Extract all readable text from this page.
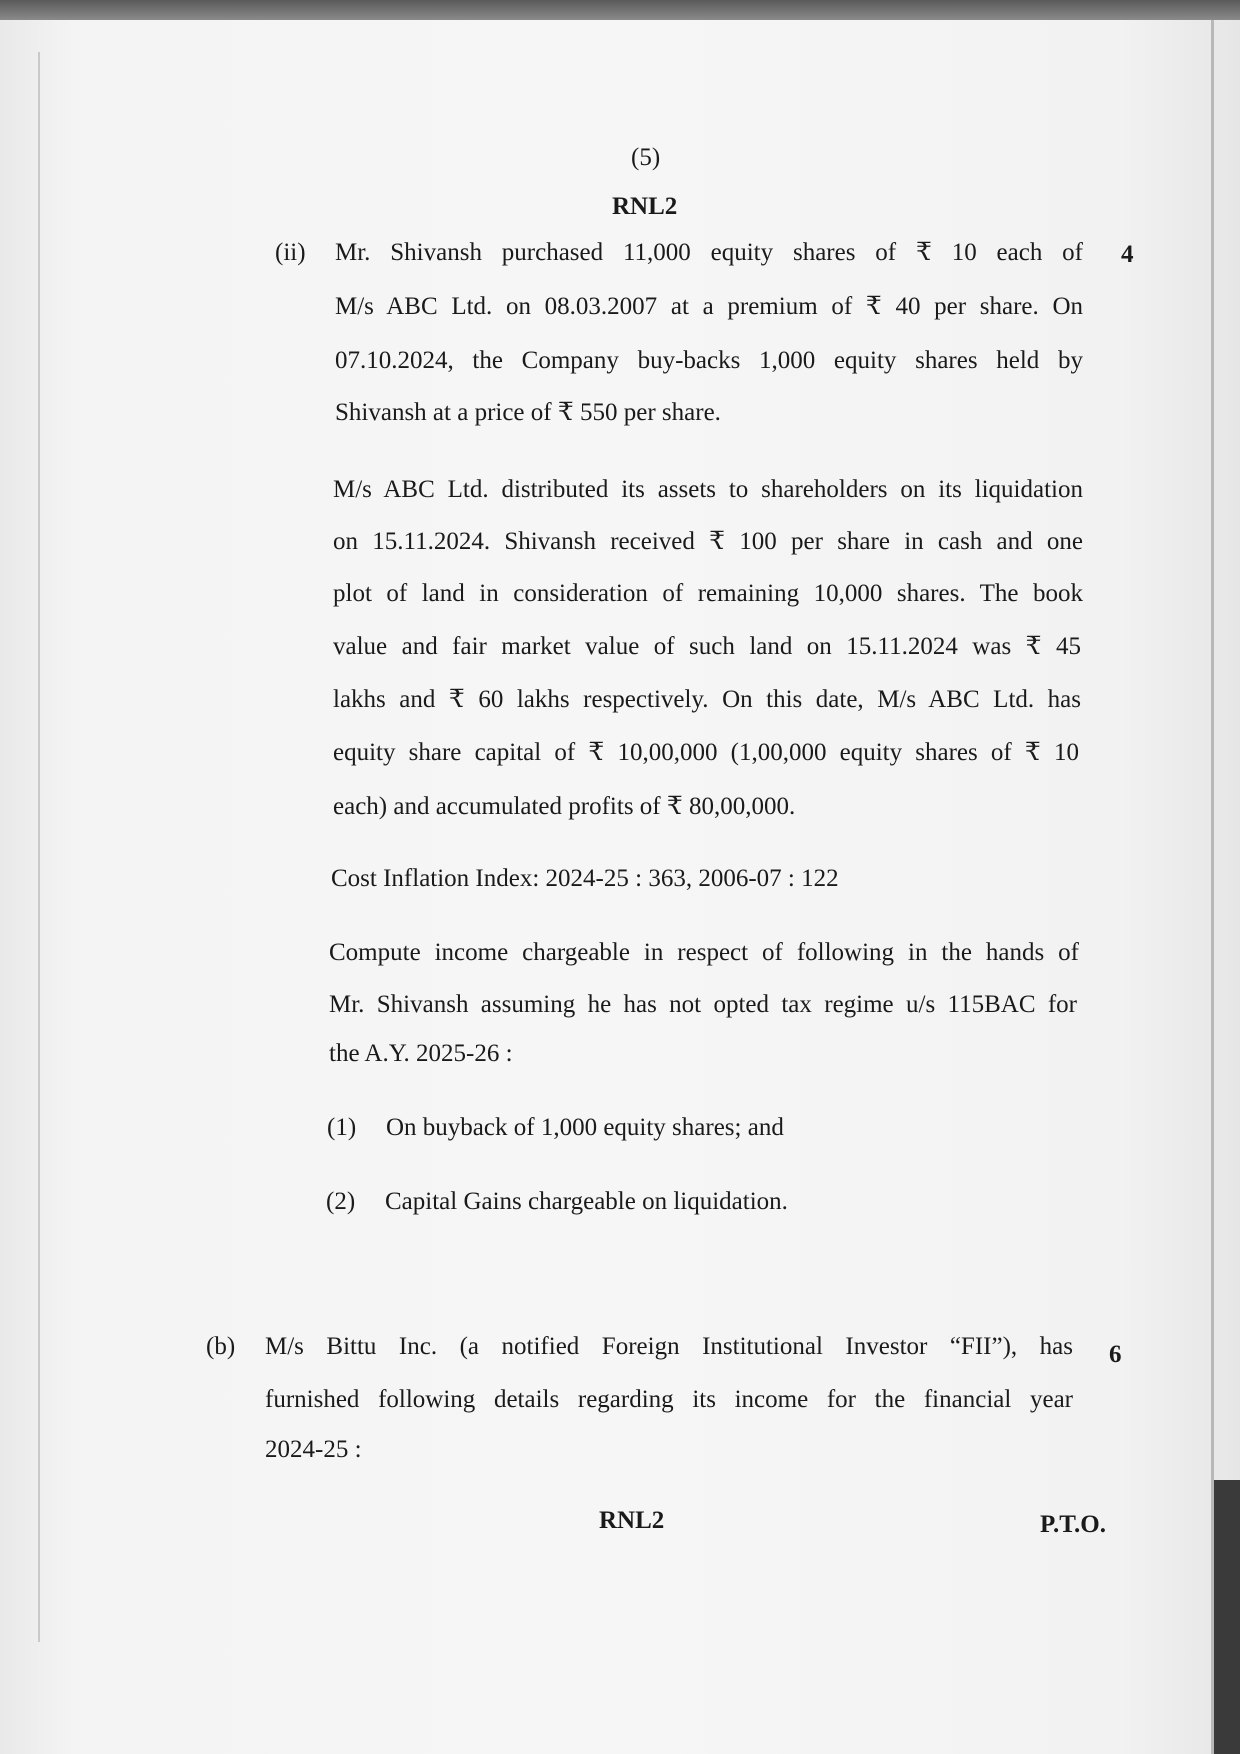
(5)
RNL2
(ii)	4
Mr. Shivansh purchased 11,000 equity shares of ₹ 10 each of
M/s ABC Ltd. on 08.03.2007 at a premium of ₹ 40 per share. On
07.10.2024, the Company buy-backs 1,000 equity shares held by
Shivansh at a price of ₹ 550 per share.
M/s ABC Ltd. distributed its assets to shareholders on its liquidation
on 15.11.2024. Shivansh received ₹ 100 per share in cash and one
plot of land in consideration of remaining 10,000 shares. The book
value and fair market value of such land on 15.11.2024 was ₹ 45
lakhs and ₹ 60 lakhs respectively. On this date, M/s ABC Ltd. has
equity share capital of ₹ 10,00,000 (1,00,000 equity shares of ₹ 10
each) and accumulated profits of ₹ 80,00,000.
Cost Inflation Index: 2024-25 : 363, 2006-07 : 122
Compute income chargeable in respect of following in the hands of
Mr. Shivansh assuming he has not opted tax regime u/s 115BAC for
the A.Y. 2025-26 :
(1) On buyback of 1,000 equity shares; and
(2) Capital Gains chargeable on liquidation.
(b)	6
M/s Bittu Inc. (a notified Foreign Institutional Investor “FII”), has
furnished following details regarding its income for the financial year
2024-25 :
RNL2	P.T.O.
